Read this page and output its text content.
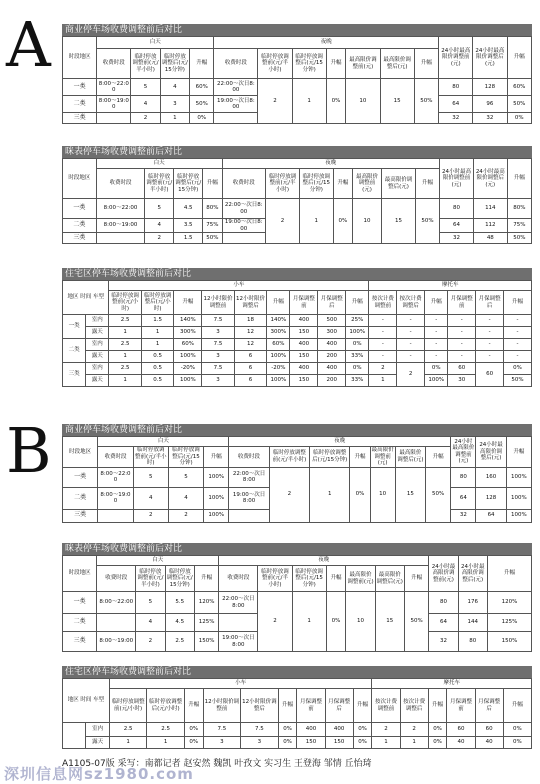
A
B
商业停车场收费调整前后对比
时段地区	白天				夜晚							24小时最高限价调整前(元)	24小时最高限价调整后(元)	升幅
	收费时段	临时停放调整前(元/半小时)	临时停放调整后(元/15分钟)	升幅	收费时段	临时停放调整前(元/半小时)	临时停放调整后(元/15分钟)	升幅	最高限价调整前(元)	最高限价调整后(元)	升幅			
一类	8:00～22:00	5	4	60%	22:00～次日8:00	2	1	0%	10	15	50%	80	128	60%
二类	8:00～19:00	4	3	50%	19:00～次日8:00							64	96	50%
三类		2	1	0%								32	32	0%
咪表停车场收费调整前后对比
时段地区	白天				夜晚							24小时最高限价调整前(元)	24小时最高限价调整后(元)	升幅
	收费时段	临时停放调整前(元/半小时)	临时停放调整后(元/15分钟)	升幅	收费时段	临时停放调整前(元/半小时)	临时停放调整后(元/15分钟)	升幅	最高限价调整前(元)	最高限价调整后(元)	升幅			
一类	8:00～22:00	5	4.5	80%	22:00～次日8:00	2	1	0%	10	15	50%	80	114	80%
二类	8:00～19:00	4	3.5	75%	19:00～次日8:00							64	112	75%
三类		2	1.5	50%								32	48	50%
住宅区停车场收费调整前后对比
地区 时间 车型		小车									摩托车					
		临时停放调整前(元/小时)	临时停放调整后(元/小时)	升幅	12小时限价调整前	12小时限价调整后	升幅	月保调整前	月保调整后	升幅	按次计费调整前	按次计费调整后	升幅	月保调整前	月保调整后	升幅
一类	室内	2.5	1.5	140%	7.5	18	140%	400	500	25%	-	-	-	-	-	-
	露天	1	1	300%	3	12	300%	150	300	100%	-	-	-	-	-	-
二类	室内	2.5	1	60%	7.5	12	60%	400	400	0%	-	-	-	-	-	-
	露天	1	0.5	100%	3	6	100%	150	200	33%	-	-	-	-	-	-
三类	室内	2.5	0.5	-20%	7.5	6	-20%	400	400	0%	2	2	0%	60	60	0%
	露天	1	0.5	100%	3	6	100%	150	200	33%	1		100%	30		50%
商业停车场收费调整前后对比
时段地区	白天				夜晚							24小时最高限价调整前(元)	24小时最高限价调整后(元)	升幅
	收费时段	临时停放调整前(元/半小时)	临时停放调整后(元/15分钟)	升幅	收费时段	临时停放调整前(元/半小时)	临时停放调整后(元/15分钟)	升幅	最高限价调整前(元)	最高限价调整后(元)	升幅			
一类	8:00～22:00	5	5	100%	22:00～次日8:00	2	1	0%	10	15	50%	80	160	100%
二类	8:00～19:00	4	4	100%	19:00～次日8:00							64	128	100%
三类		2	2	100%								32	64	100%
咪表停车场收费调整前后对比
时段地区	白天				夜晚							24小时最高限价调整前(元)	24小时最高限价调整后(元)	升幅
	收费时段	临时停放调整前(元/半小时)	临时停放调整后(元/15分钟)	升幅	收费时段	临时停放调整前(元/半小时)	临时停放调整后(元/15分钟)	升幅	最高限价调整前(元)	最高限价调整后(元)	升幅			
一类	8:00～22:00	5	5.5	120%	22:00～次日8:00	2	1	0%	10	15	50%	80	176	120%
二类		4	4.5	125%								64	144	125%
三类	8:00～19:00	2	2.5	150%	19:00～次日8:00							32	80	150%
住宅区停车场收费调整前后对比
地区 时间 车型		小车									摩托车					
		临时停放调整前(元/小时)	临时停放调整后(元/小时)	升幅	12小时限价调整前	12小时限价调整后	升幅	月保调整前	月保调整后	升幅	按次计费调整前	按次计费调整后	升幅	月保调整前	月保调整后	升幅
	室内	2.5	2.5	0%	7.5	7.5	0%	400	400	0%	2	2	0%	60	60	0%
	露天	1	1	0%	3	3	0%	150	150	0%	1	1	0%	40	40	0%
A1105-07版 采写：南都记者 赵安然 魏凯 叶孜文 实习生 王登海 邹情 丘怡琦
深圳信息网sz1980.com
